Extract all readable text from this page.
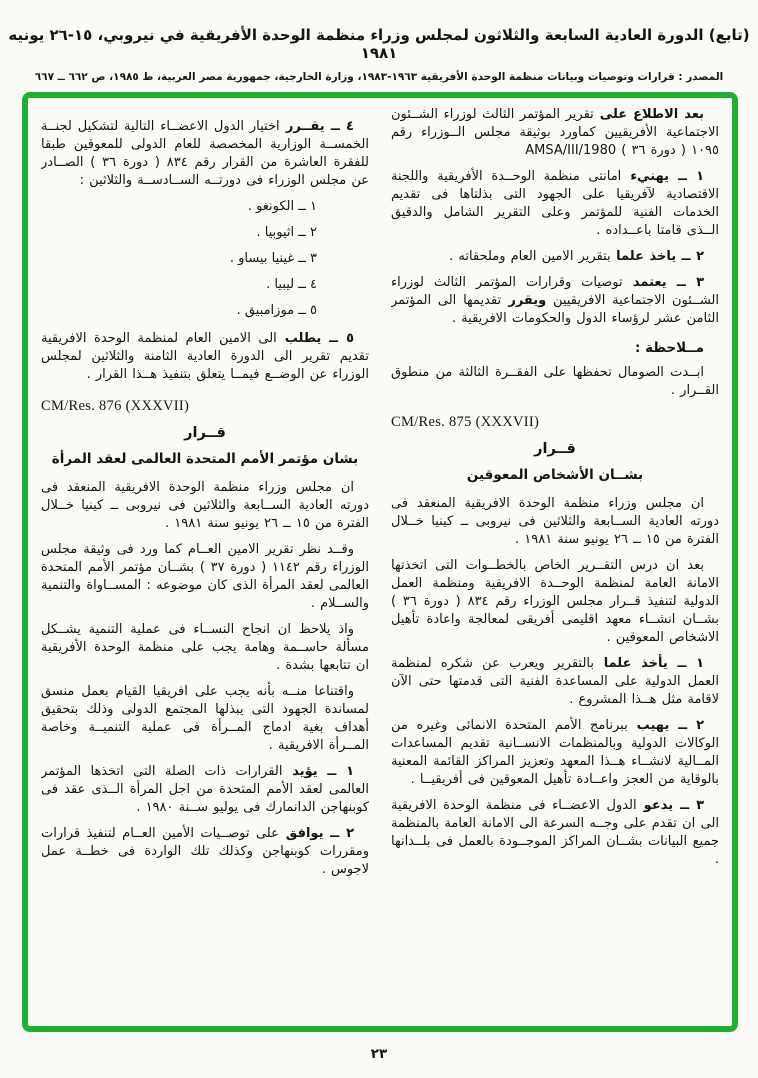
(تابع) الدورة العادية السابعة والثلاثون لمجلس وزراء منظمة الوحدة الأفريقية في نيروبي، ١٥-٢٦ يونيه ١٩٨١
المصدر : قرارات وتوصيات وبيانات منظمة الوحدة الأفريقية ١٩٦٣-١٩٨٣، وزارة الخارجية، جمهورية مصر العربية، ط ١٩٨٥، ص ٦٦٢ ــ ٦٦٧

بعد الاطلاع على تقرير المؤتمر الثالث لوزراء الشــئون الاجتماعية الأفريقيين كماورد بوثيقة مجلس الــوزراء رقم ١٠٩٥ ( دورة ٣٦ ) AMSA/III/1980

١ ــ يهنيء امانتى منظمة الوحــدة الأفريقية واللجنة الاقتصادية لآفريقيا على الجهود التى بذلتاها فى تقديم الخدمات الفنية للمؤتمر وعلى التقرير الشامل والدقيق الــذى قامتا باعــداده .

٢ ــ ياخذ علما بتقرير الامين العام وملحقاته .

٣ ــ يعتمد توصيات وقرارات المؤتمر الثالث لوزراء الشــئون الاجتماعية الافريقيين ويقرر تقديمها الى المؤتمر الثامن عشر لرؤساء الدول والحكومات الافريقية .

مــلاحظة :

ابــدت الصومال تحفظها على الفقــرة الثالثة من منطوق القــرار .

CM/Res. 875 (XXXVII)
قــرار
بشــان الأشخاص المعوقين

ان مجلس وزراء منظمة الوحدة الافريقية المنعقد فى دورته العادية الســابعة والثلاثين فى نيروبى ــ كينيا خــلال الفترة من ١٥ ــ ٢٦ يونيو سنة ١٩٨١ .

بعد ان درس التقــرير الخاص بالخطــوات التى اتخذتها الامانة العامة لمنظمة الوحــدة الافريقية ومنظمة العمل الدولية لتنفيذ قــرار مجلس الوزراء رقم ٨٣٤ ( دورة ٣٦ ) بشــان انشــاء معهد اقليمى أفريقى لمعالجة واعادة تأهيل الاشخاص المعوقين .

١ ــ يأخذ علما بالتقرير ويعرب عن شكره لمنظمة العمل الدولية على المساعدة الفنية التى قدمتها حتى الآن لاقامة مثل هــذا المشروع .

٢ ــ يهيب ببرنامج الأمم المتحدة الانمائى وغيره من الوكالات الدولية وبالمنظمات الانســانية تقديم المساعدات المــالية لانشــاء هــذا المعهد وتعزيز المراكز القائمة المعنية بالوقاية من العجز واعــادة تأهيل المعوقين فى أفريقيــا .

٣ ــ يدعو الدول الاعضــاء فى منظمة الوحدة الافريقية الى ان تقدم على وجــه السرعة الى الامانة العامة بالمنظمة جميع البيانات بشــان المراكز الموجــودة بالعمل فى بلــدانها .

٤ ــ يقــرر اختيار الدول الاعضــاء التالية لتشكيل لجنــة الخمســة الوزارية المخصصة للعام الدولى للمعوقين طبقا للفقرة العاشرة من القرار رقم ٨٣٤ ( دورة ٣٦ ) الصــادر عن مجلس الوزراء فى دورتــه الســادســة والثلاثين :

١ ــ الكونغو .
٢ ــ اثيوبيا .
٣ ــ غينيا بيساو .
٤ ــ ليبيا .
٥ ــ موزامبيق .

٥ ــ يطلب الى الامين العام لمنظمة الوحدة الافريقية تقديم تقرير الى الدورة العادية الثامنة والثلاثين لمجلس الوزراء عن الوضــع فيمــا يتعلق بتنفيذ هــذا القرار .

CM/Res. 876 (XXXVII)
قــرار
بشان مؤتمر الأمم المتحدة العالمى لعقد المرأة

ان مجلس وزراء منظمة الوحدة الافريقية المنعقد فى دورته العادية الســابعة والثلاثين فى نيروبى ــ كينيا خــلال الفترة من ١٥ ــ ٢٦ يونيو سنة ١٩٨١ .

وقــد نظر تقرير الامين العــام كما ورد فى وثيقة مجلس الوزراء رقم ١١٤٢ ( دورة ٣٧ ) بشــان مؤتمر الأمم المتحدة العالمى لعقد المرأة الذى كان موضوعه : المســاواة والتنمية والســلام .

واذ يلاحظ ان انجاح النســاء فى عملية التنمية يشــكل مسألة حاســمة وهامة يجب على منظمة الوحدة الأفريقية ان تتابعها بشدة .

واقتناعا منــه بأنه يجب على افريقيا القيام بعمل منسق لمساندة الجهود التى يبذلها المجتمع الدولى وذلك بتحقيق أهداف بغية ادماج المــرأة فى عملية التنميــة وخاصة المــرأة الافريقية .

١ ــ يؤيد القرارات ذات الصلة التى اتخذها المؤتمر العالمى لعقد الأمم المتحدة من اجل المرأة الــذى عقد فى كوبنهاجن الدانمارك فى يوليو ســنة ١٩٨٠ .

٢ ــ يوافق على توصــيات الأمين العــام لتنفيذ قرارات ومقررات كوبنهاجن وكذلك تلك الواردة فى خطــة عمل لاجوس .

٢٣
